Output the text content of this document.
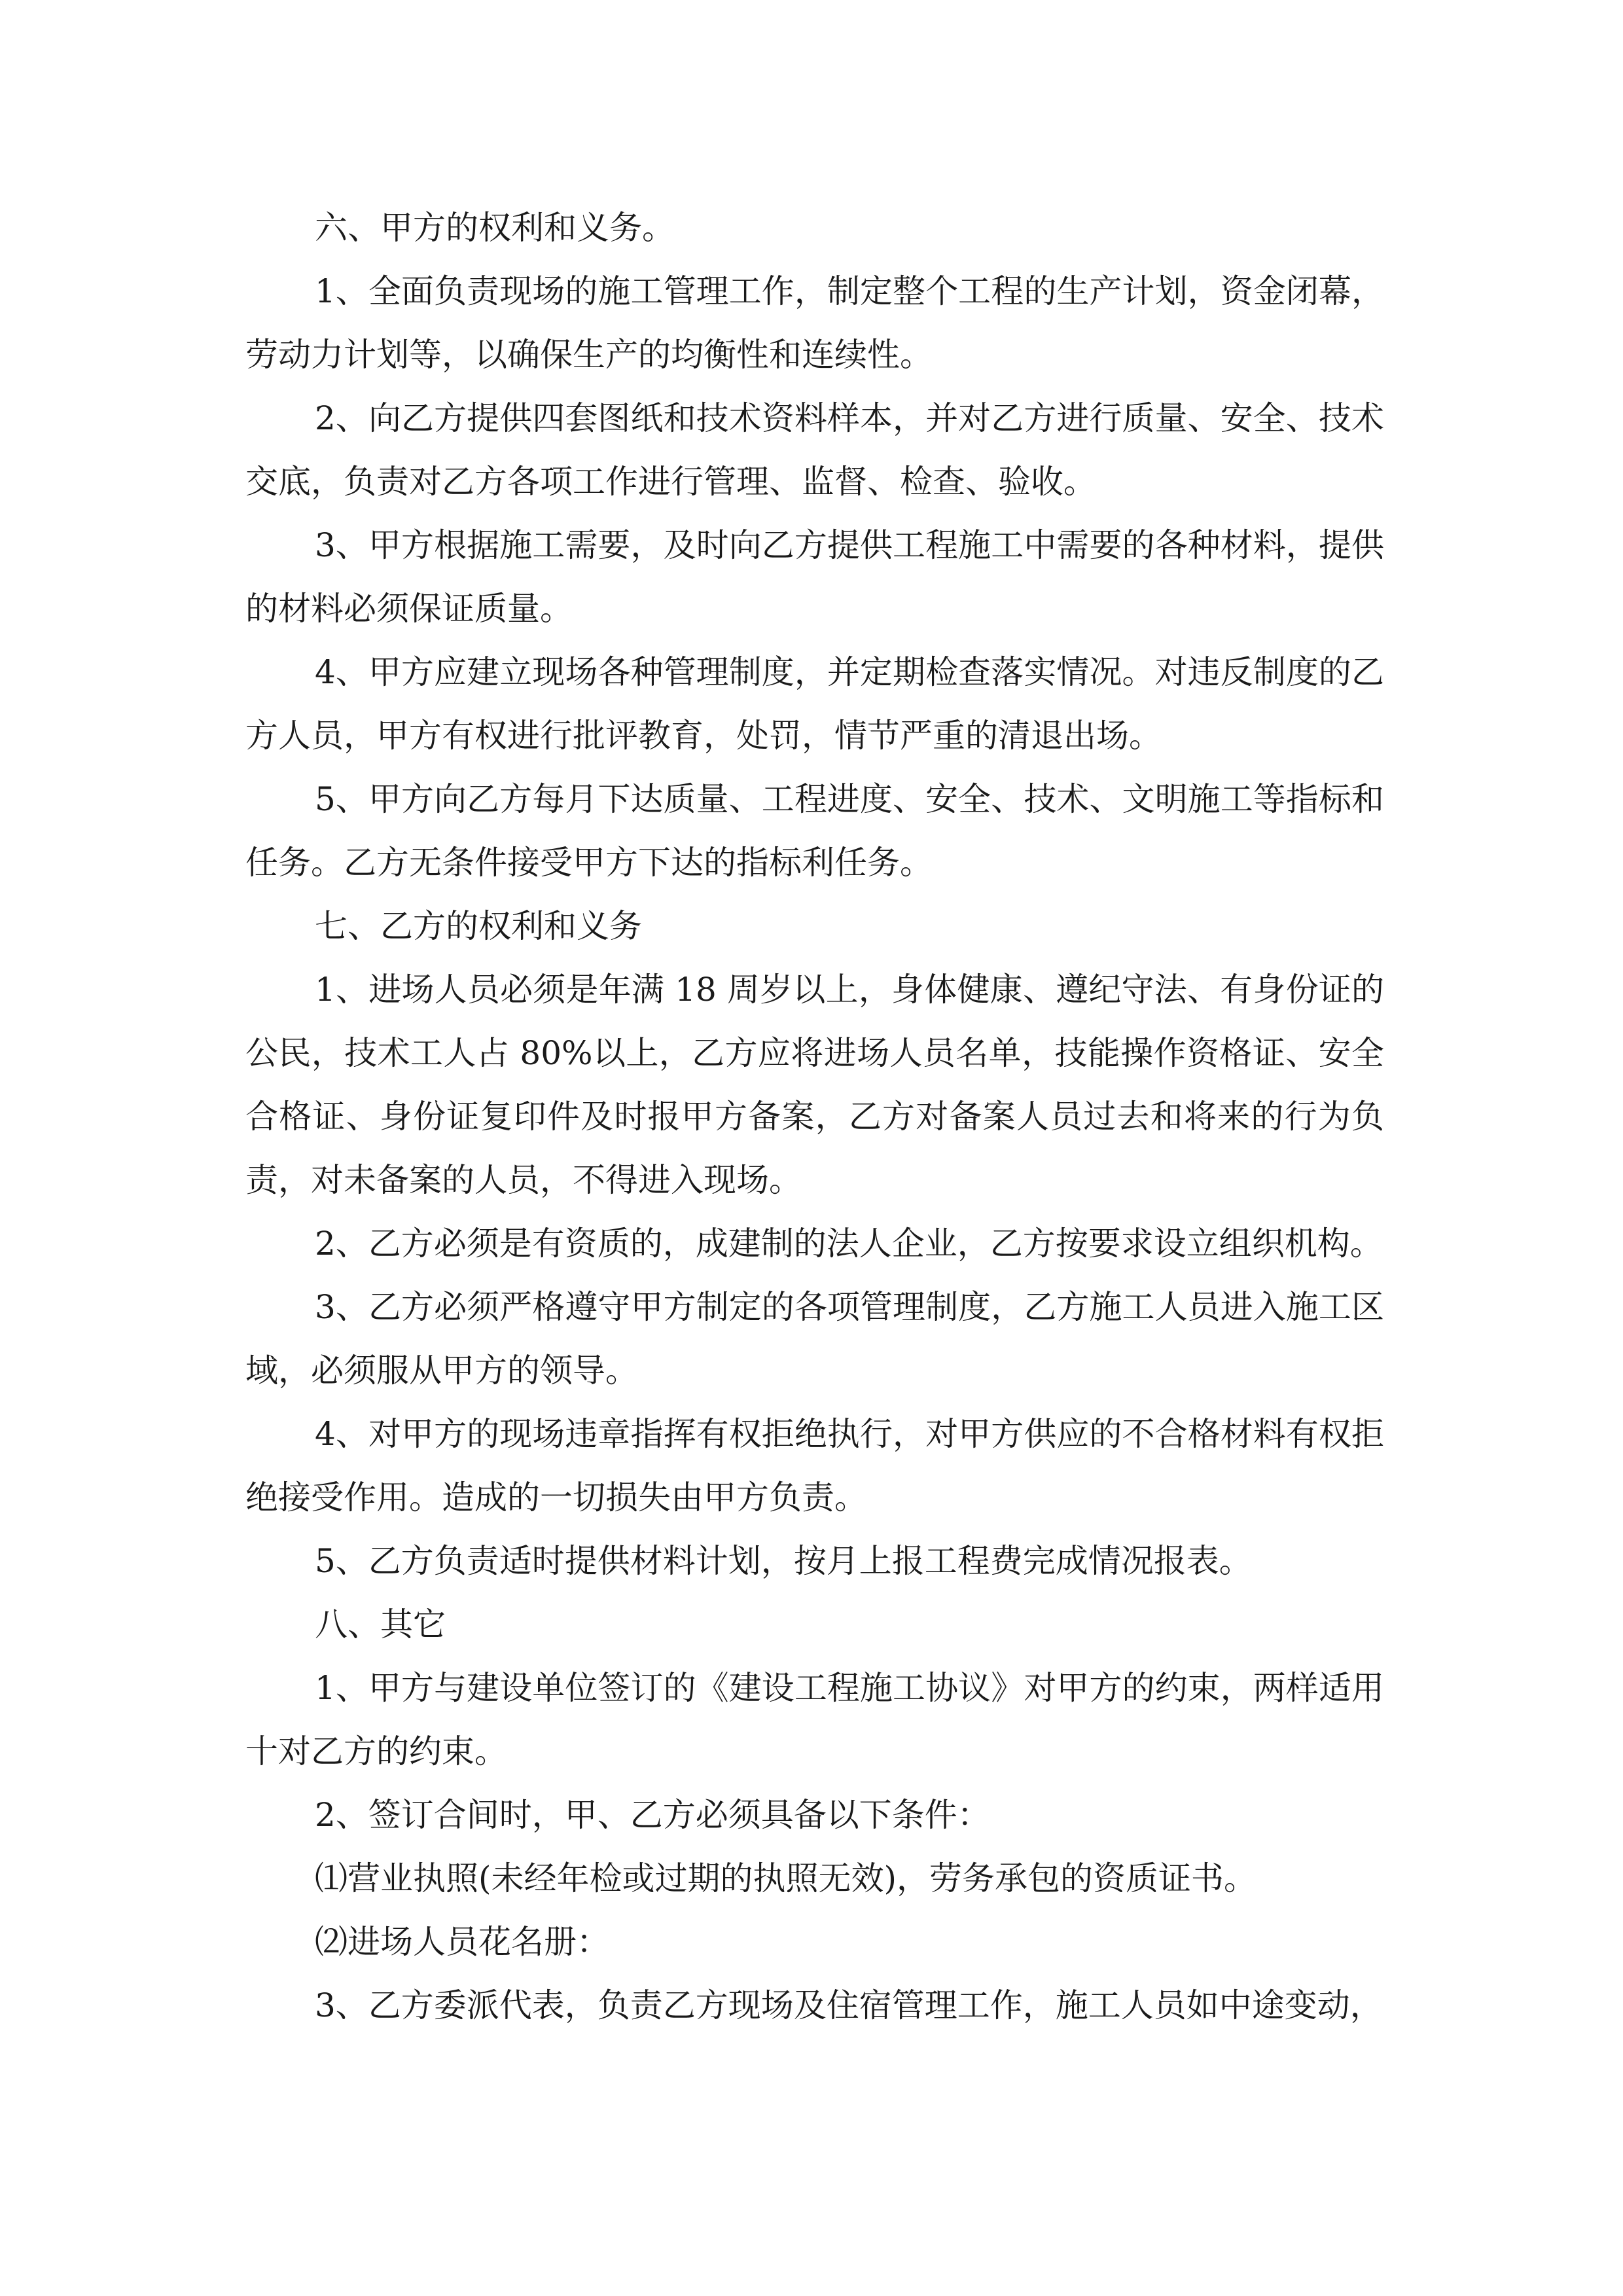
六、甲方的权利和义务。

1、全面负责现场的施工管理工作，制定整个工程的生产计划，资金闭幕，劳动力计划等，以确保生产的均衡性和连续性。

2、向乙方提供四套图纸和技术资料样本，并对乙方进行质量、安全、技术交底，负责对乙方各项工作进行管理、监督、检查、验收。

3、甲方根据施工需要，及时向乙方提供工程施工中需要的各种材料，提供的材料必须保证质量。

4、甲方应建立现场各种管理制度，并定期检查落实情况。对违反制度的乙方人员，甲方有权进行批评教育，处罚，情节严重的清退出场。

5、甲方向乙方每月下达质量、工程进度、安全、技术、文明施工等指标和任务。乙方无条件接受甲方下达的指标利任务。

七、乙方的权利和义务

1、进场人员必须是年满 18 周岁以上，身体健康、遵纪守法、有身份证的公民，技术工人占 80%以上，乙方应将进场人员名单，技能操作资格证、安全合格证、身份证复印件及时报甲方备案，乙方对备案人员过去和将来的行为负责，对未备案的人员，不得进入现场。

2、乙方必须是有资质的，成建制的法人企业，乙方按要求设立组织机构。

3、乙方必须严格遵守甲方制定的各项管理制度，乙方施工人员进入施工区域，必须服从甲方的领导。

4、对甲方的现场违章指挥有权拒绝执行，对甲方供应的不合格材料有权拒绝接受作用。造成的一切损失由甲方负责。

5、乙方负责适时提供材料计划，按月上报工程费完成情况报表。

八、其它

1、甲方与建设单位签订的《建设工程施工协议》对甲方的约束，两样适用十对乙方的约束。

2、签订合间时，甲、乙方必须具备以下条件：

⑴营业执照(未经年检或过期的执照无效)，劳务承包的资质证书。

⑵进场人员花名册：

3、乙方委派代表，负责乙方现场及住宿管理工作，施工人员如中途变动，
